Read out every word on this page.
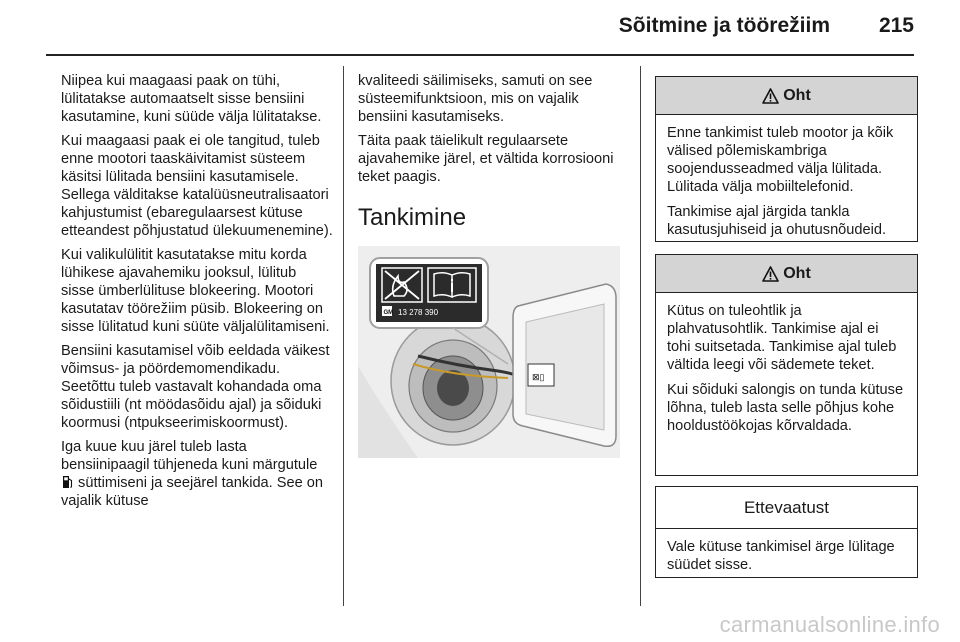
Sõitmine ja töörežiim 215

Niipea kui maagaasi paak on tühi, lülitatakse automaatselt sisse bensiini kasutamine, kuni süüde välja lülitatakse.

Kui maagaasi paak ei ole tangitud, tuleb enne mootori taaskäivitamist süsteem käsitsi lülitada bensiini kasutamisele. Sellega välditakse katalüüsneutralisaatori kahjustumist (ebaregulaarsest kütuse etteandest põhjustatud ülekuumenemine).

Kui valikulülitit kasutatakse mitu korda lühikese ajavahemiku jooksul, lülitub sisse ümberlülituse blokeering. Mootori kasutatav töörežiim püsib. Blokeering on sisse lülitatud kuni süüte väljalülitamiseni.

Bensiini kasutamisel võib eeldada väikest võimsus- ja pöördemomendikadu. Seetõttu tuleb vastavalt kohandada oma sõidustiili (nt möödasõidu ajal) ja sõiduki koormusi (ntpukseerimiskoormust).

Iga kuue kuu järel tuleb lasta bensiinipaagil tühjeneda kuni märgutule  süttimiseni ja seejärel tankida. See on vajalik kütuse

kvaliteedi säilimiseks, samuti on see süsteemifunktsioon, mis on vajalik bensiini kasutamiseks.

Täita paak täielikult regulaarsete ajavahemike järel, et vältida korrosiooni teket paagis.

Tankimine
⊠▯
GM 13 278 390
Oht

Enne tankimist tuleb mootor ja kõik välised põlemiskambriga soojendusseadmed välja lülitada. Lülitada välja mobiiltelefonid.

Tankimise ajal järgida tankla kasutusjuhiseid ja ohutusnõudeid.

Oht

Kütus on tuleohtlik ja plahvatusohtlik. Tankimise ajal ei tohi suitsetada. Tankimise ajal tuleb vältida leegi või sädemete teket.

Kui sõiduki salongis on tunda kütuse lõhna, tuleb lasta selle põhjus kohe hooldustöökojas kõrvaldada.

Ettevaatust

Vale kütuse tankimisel ärge lülitage süüdet sisse.

carmanualsonline.info
